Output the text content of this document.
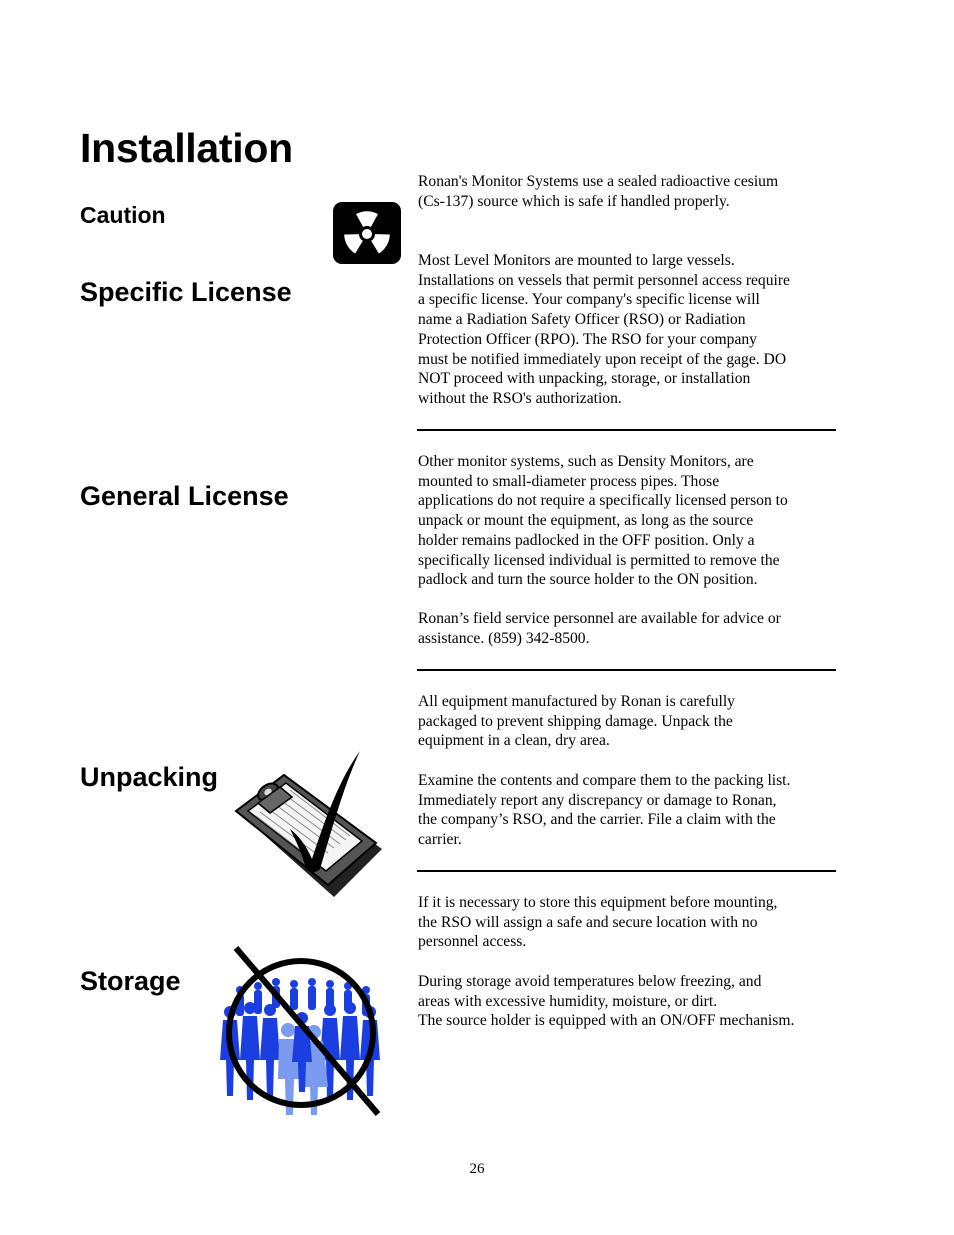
Installation
Caution
Ronan's Monitor Systems use a sealed radioactive cesium
(Cs-137) source which is safe if handled properly.
Specific License
Most Level Monitors are mounted to large vessels.
Installations on vessels that permit personnel access require
a specific license. Your company's specific license will
name a Radiation Safety Officer (RSO) or Radiation
Protection Officer (RPO). The RSO for your company
must be notified immediately upon receipt of the gage. DO
NOT proceed with unpacking, storage, or installation
without the RSO's authorization.
General License
Other monitor systems, such as Density Monitors, are
mounted to small-diameter process pipes. Those
applications do not require a specifically licensed person to
unpack or mount the equipment, as long as the source
holder remains padlocked in the OFF position. Only a
specifically licensed individual is permitted to remove the
padlock and turn the source holder to the ON position.
Ronan’s field service personnel are available for advice or
assistance. (859) 342-8500.
Unpacking
All equipment manufactured by Ronan is carefully
packaged to prevent shipping damage. Unpack the
equipment in a clean, dry area.
Examine the contents and compare them to the packing list.
Immediately report any discrepancy or damage to Ronan,
the company’s RSO, and the carrier. File a claim with the
carrier.
Storage
If it is necessary to store this equipment before mounting,
the RSO will assign a safe and secure location with no
personnel access.
During storage avoid temperatures below freezing, and
areas with excessive humidity, moisture, or dirt.
The source holder is equipped with an ON/OFF mechanism.
26
